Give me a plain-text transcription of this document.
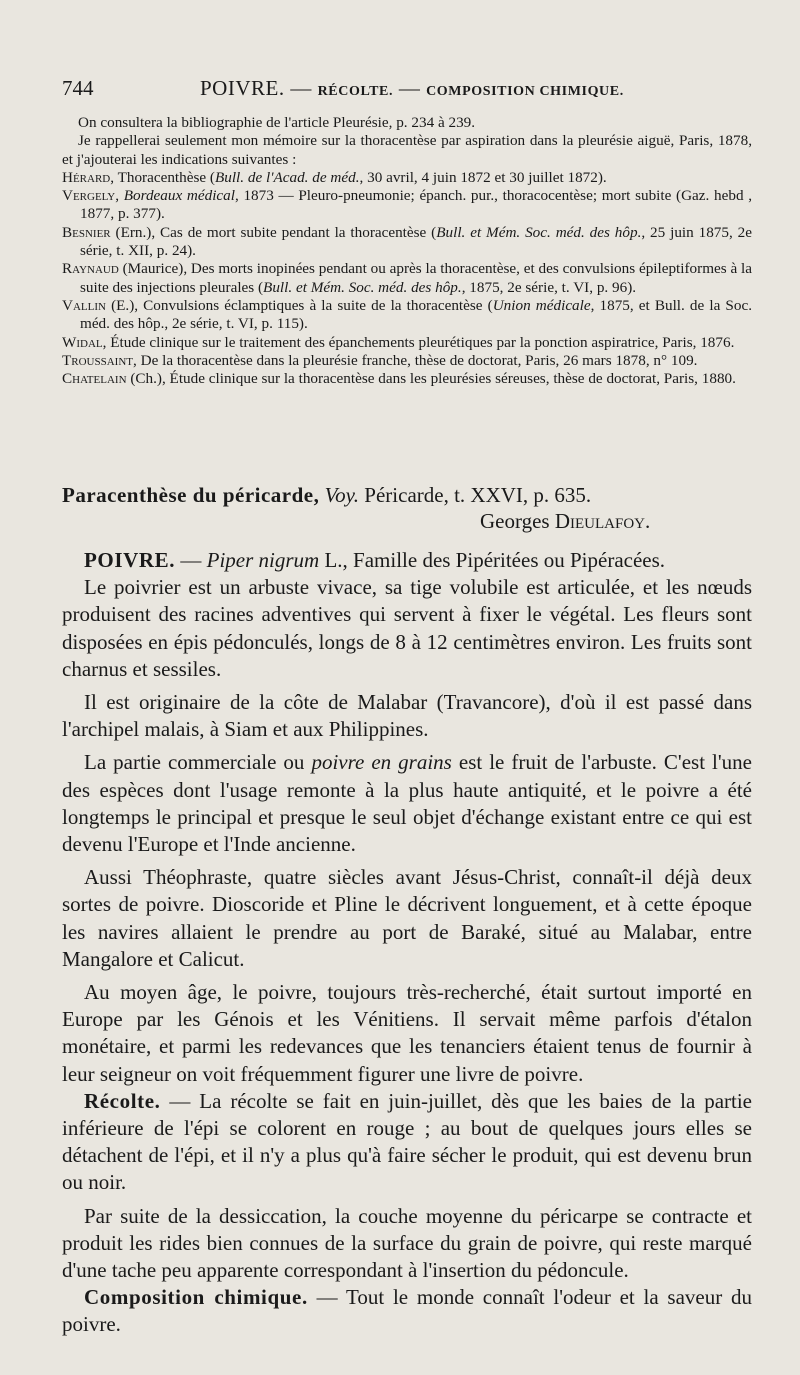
744	POIVRE. — RÉCOLTE. — COMPOSITION CHIMIQUE.

On consultera la bibliographie de l'article Pleurésie, p. 234 à 239.

Je rappellerai seulement mon mémoire sur la thoracentèse par aspiration dans la pleurésie aiguë, Paris, 1878, et j'ajouterai les indications suivantes :

Hérard, Thoracenthèse (Bull. de l'Acad. de méd., 30 avril, 4 juin 1872 et 30 juillet 1872).

Vergely, Bordeaux médical, 1873 — Pleuro-pneumonie; épanch. pur., thoracocentèse; mort subite (Gaz. hebd , 1877, p. 377).

Besnier (Ern.), Cas de mort subite pendant la thoracentèse (Bull. et Mém. Soc. méd. des hôp., 25 juin 1875, 2e série, t. XII, p. 24).

Raynaud (Maurice), Des morts inopinées pendant ou après la thoracentèse, et des convulsions épileptiformes à la suite des injections pleurales (Bull. et Mém. Soc. méd. des hôp., 1875, 2e série, t. VI, p. 96).

Vallin (E.), Convulsions éclamptiques à la suite de la thoracentèse (Union médicale, 1875, et Bull. de la Soc. méd. des hôp., 2e série, t. VI, p. 115).

Widal, Étude clinique sur le traitement des épanchements pleurétiques par la ponction aspiratrice, Paris, 1876.

Troussaint, De la thoracentèse dans la pleurésie franche, thèse de doctorat, Paris, 26 mars 1878, n° 109.

Chatelain (Ch.), Étude clinique sur la thoracentèse dans les pleurésies séreuses, thèse de doctorat, Paris, 1880.

Paracenthèse du péricarde, Voy. Péricarde, t. XXVI, p. 635.
Georges Dieulafoy.

POIVRE. — Piper nigrum L., Famille des Pipéritées ou Pipéracées.

Le poivrier est un arbuste vivace, sa tige volubile est articulée, et les nœuds produisent des racines adventives qui servent à fixer le végétal. Les fleurs sont disposées en épis pédonculés, longs de 8 à 12 centimètres environ. Les fruits sont charnus et sessiles.

Il est originaire de la côte de Malabar (Travancore), d'où il est passé dans l'archipel malais, à Siam et aux Philippines.

La partie commerciale ou poivre en grains est le fruit de l'arbuste. C'est l'une des espèces dont l'usage remonte à la plus haute antiquité, et le poivre a été longtemps le principal et presque le seul objet d'échange existant entre ce qui est devenu l'Europe et l'Inde ancienne.

Aussi Théophraste, quatre siècles avant Jésus-Christ, connaît-il déjà deux sortes de poivre. Dioscoride et Pline le décrivent longuement, et à cette époque les navires allaient le prendre au port de Baraké, situé au Malabar, entre Mangalore et Calicut.

Au moyen âge, le poivre, toujours très-recherché, était surtout importé en Europe par les Génois et les Vénitiens. Il servait même parfois d'étalon monétaire, et parmi les redevances que les tenanciers étaient tenus de fournir à leur seigneur on voit fréquemment figurer une livre de poivre.

Récolte. — La récolte se fait en juin-juillet, dès que les baies de la partie inférieure de l'épi se colorent en rouge ; au bout de quelques jours elles se détachent de l'épi, et il n'y a plus qu'à faire sécher le produit, qui est devenu brun ou noir.

Par suite de la dessiccation, la couche moyenne du péricarpe se contracte et produit les rides bien connues de la surface du grain de poivre, qui reste marqué d'une tache peu apparente correspondant à l'insertion du pédoncule.

Composition chimique. — Tout le monde connaît l'odeur et la saveur du poivre.
